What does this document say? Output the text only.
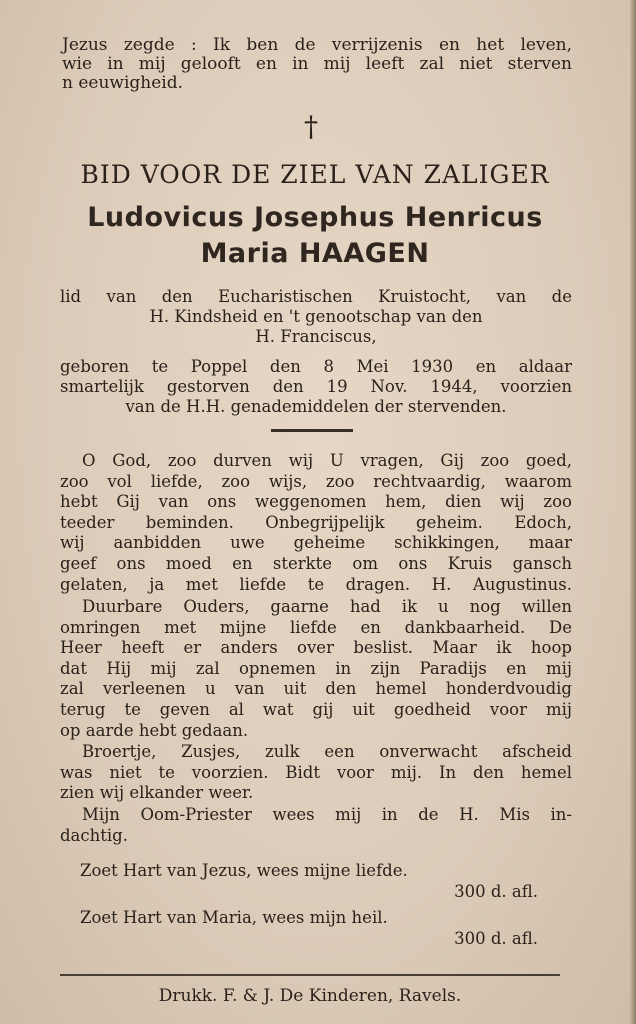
Jezus zegde : Ik ben de verrijzenis en het leven,
wie in mij gelooft en in mij leeft zal niet sterven
n eeuwigheid.
†
BID VOOR DE ZIEL VAN ZALIGER
Ludovicus Josephus Henricus
Maria HAAGEN
lid van den Eucharistischen Kruistocht, van de
H. Kindsheid en 't genootschap van den
H. Franciscus,
geboren te Poppel den 8 Mei 1930 en aldaar
smartelijk gestorven den 19 Nov. 1944, voorzien
van de H.H. genademiddelen der stervenden.
O God, zoo durven wij U vragen, Gij zoo goed,
zoo vol liefde, zoo wijs, zoo rechtvaardig, waarom
hebt Gij van ons weggenomen hem, dien wij zoo
teeder beminden. Onbegrijpelijk geheim. Edoch,
wij aanbidden uwe geheime schikkingen, maar
geef ons moed en sterkte om ons Kruis gansch
gelaten, ja met liefde te dragen. H. Augustinus.
Duurbare Ouders, gaarne had ik u nog willen
omringen met mijne liefde en dankbaarheid. De
Heer heeft er anders over beslist. Maar ik hoop
dat Hij mij zal opnemen in zijn Paradijs en mij
zal verleenen u van uit den hemel honderdvoudig
terug te geven al wat gij uit goedheid voor mij
op aarde hebt gedaan.
Broertje, Zusjes, zulk een onverwacht afscheid
was niet te voorzien. Bidt voor mij. In den hemel
zien wij elkander weer.
Mijn Oom-Priester wees mij in de H. Mis in-
dachtig.
Zoet Hart van Jezus, wees mijne liefde.
300 d. afl.
Zoet Hart van Maria, wees mijn heil.
300 d. afl.
Drukk. F. & J. De Kinderen, Ravels.
